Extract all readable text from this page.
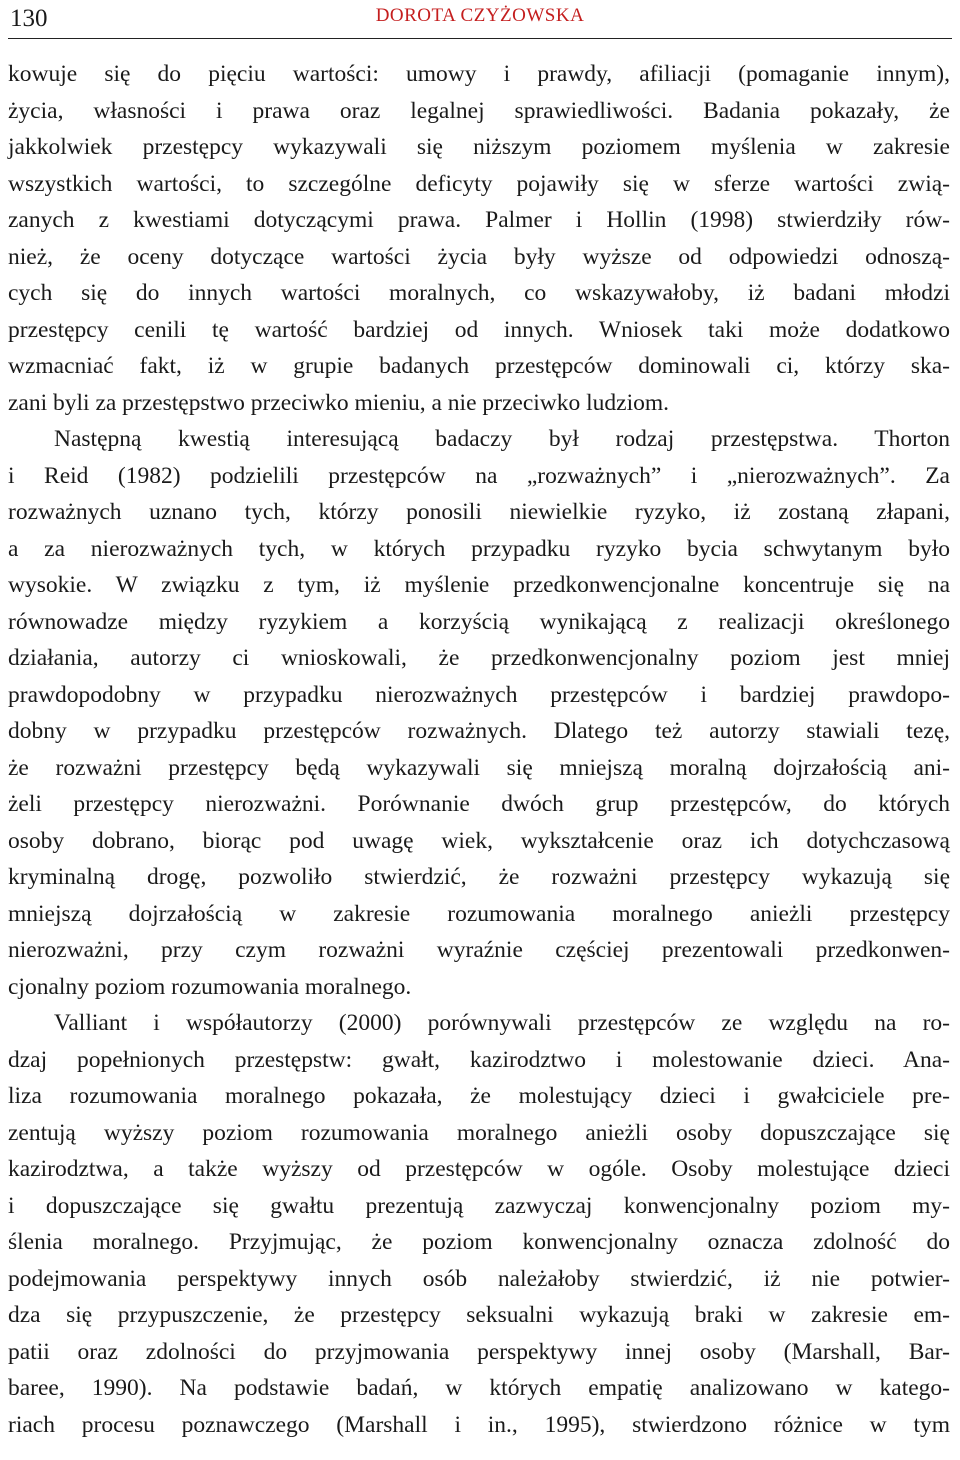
130	DOROTA CZYŻOWSKA
kowuje się do pięciu wartości: umowy i prawdy, afiliacji (pomaganie innym),
życia, własności i prawa oraz legalnej sprawiedliwości. Badania pokazały, że
jakkolwiek przestępcy wykazywali się niższym poziomem myślenia w zakresie
wszystkich wartości, to szczególne deficyty pojawiły się w sferze wartości zwią-
zanych z kwestiami dotyczącymi prawa. Palmer i Hollin (1998) stwierdziły rów-
nież, że oceny dotyczące wartości życia były wyższe od odpowiedzi odnoszą-
cych się do innych wartości moralnych, co wskazywałoby, iż badani młodzi
przestępcy cenili tę wartość bardziej od innych. Wniosek taki może dodatkowo
wzmacniać fakt, iż w grupie badanych przestępców dominowali ci, którzy ska-
zani byli za przestępstwo przeciwko mieniu, a nie przeciwko ludziom.
Następną kwestią interesującą badaczy był rodzaj przestępstwa. Thorton
i Reid (1982) podzielili przestępców na „rozważnych” i „nierozważnych”. Za
rozważnych uznano tych, którzy ponosili niewielkie ryzyko, iż zostaną złapani,
a za nierozważnych tych, w których przypadku ryzyko bycia schwytanym było
wysokie. W związku z tym, iż myślenie przedkonwencjonalne koncentruje się na
równowadze między ryzykiem a korzyścią wynikającą z realizacji określonego
działania, autorzy ci wnioskowali, że przedkonwencjonalny poziom jest mniej
prawdopodobny w przypadku nierozważnych przestępców i bardziej prawdopo-
dobny w przypadku przestępców rozważnych. Dlatego też autorzy stawiali tezę,
że rozważni przestępcy będą wykazywali się mniejszą moralną dojrzałością ani-
żeli przestępcy nierozważni. Porównanie dwóch grup przestępców, do których
osoby dobrano, biorąc pod uwagę wiek, wykształcenie oraz ich dotychczasową
kryminalną drogę, pozwoliło stwierdzić, że rozważni przestępcy wykazują się
mniejszą dojrzałością w zakresie rozumowania moralnego anieżli przestępcy
nierozważni, przy czym rozważni wyraźnie częściej prezentowali przedkonwen-
cjonalny poziom rozumowania moralnego.
Valliant i współautorzy (2000) porównywali przestępców ze względu na ro-
dzaj popełnionych przestępstw: gwałt, kazirodztwo i molestowanie dzieci. Ana-
liza rozumowania moralnego pokazała, że molestujący dzieci i gwałciciele pre-
zentują wyższy poziom rozumowania moralnego anieżli osoby dopuszczające się
kazirodztwa, a także wyższy od przestępców w ogóle. Osoby molestujące dzieci
i dopuszczające się gwałtu prezentują zazwyczaj konwencjonalny poziom my-
ślenia moralnego. Przyjmując, że poziom konwencjonalny oznacza zdolność do
podejmowania perspektywy innych osób należałoby stwierdzić, iż nie potwier-
dza się przypuszczenie, że przestępcy seksualni wykazują braki w zakresie em-
patii oraz zdolności do przyjmowania perspektywy innej osoby (Marshall, Bar-
baree, 1990). Na podstawie badań, w których empatię analizowano w katego-
riach procesu poznawczego (Marshall i in., 1995), stwierdzono różnice w tym
